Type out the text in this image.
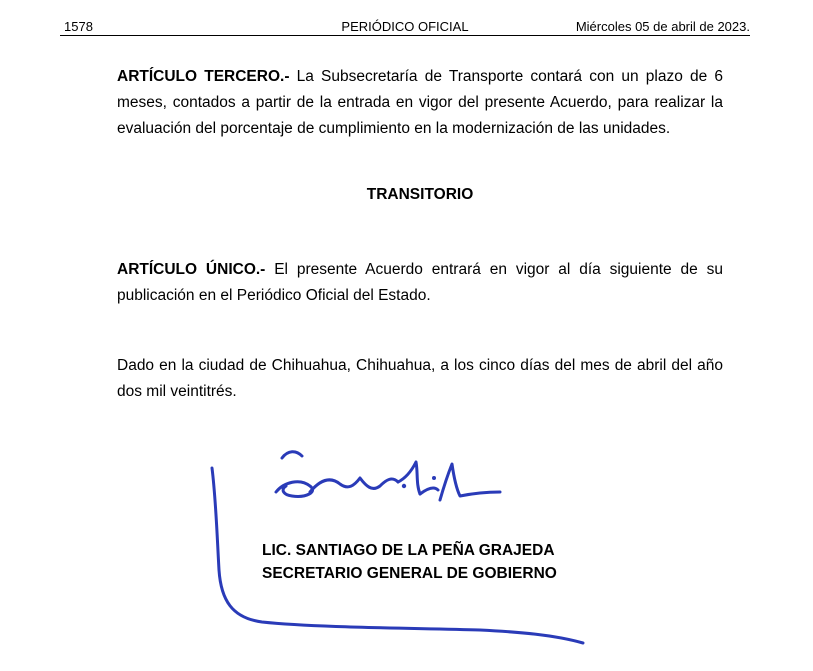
1578	PERIÓDICO OFICIAL	Miércoles 05 de abril de 2023.
ARTÍCULO TERCERO.- La Subsecretaría de Transporte contará con un plazo de 6 meses, contados a partir de la entrada en vigor del presente Acuerdo, para realizar la evaluación del porcentaje de cumplimiento en la modernización de las unidades.
TRANSITORIO
ARTÍCULO ÚNICO.- El presente Acuerdo entrará en vigor al día siguiente de su publicación en el Periódico Oficial del Estado.
Dado en la ciudad de Chihuahua, Chihuahua, a los cinco días del mes de abril del año dos mil veintitrés.
LIC. SANTIAGO DE LA PEÑA GRAJEDA
SECRETARIO GENERAL DE GOBIERNO
